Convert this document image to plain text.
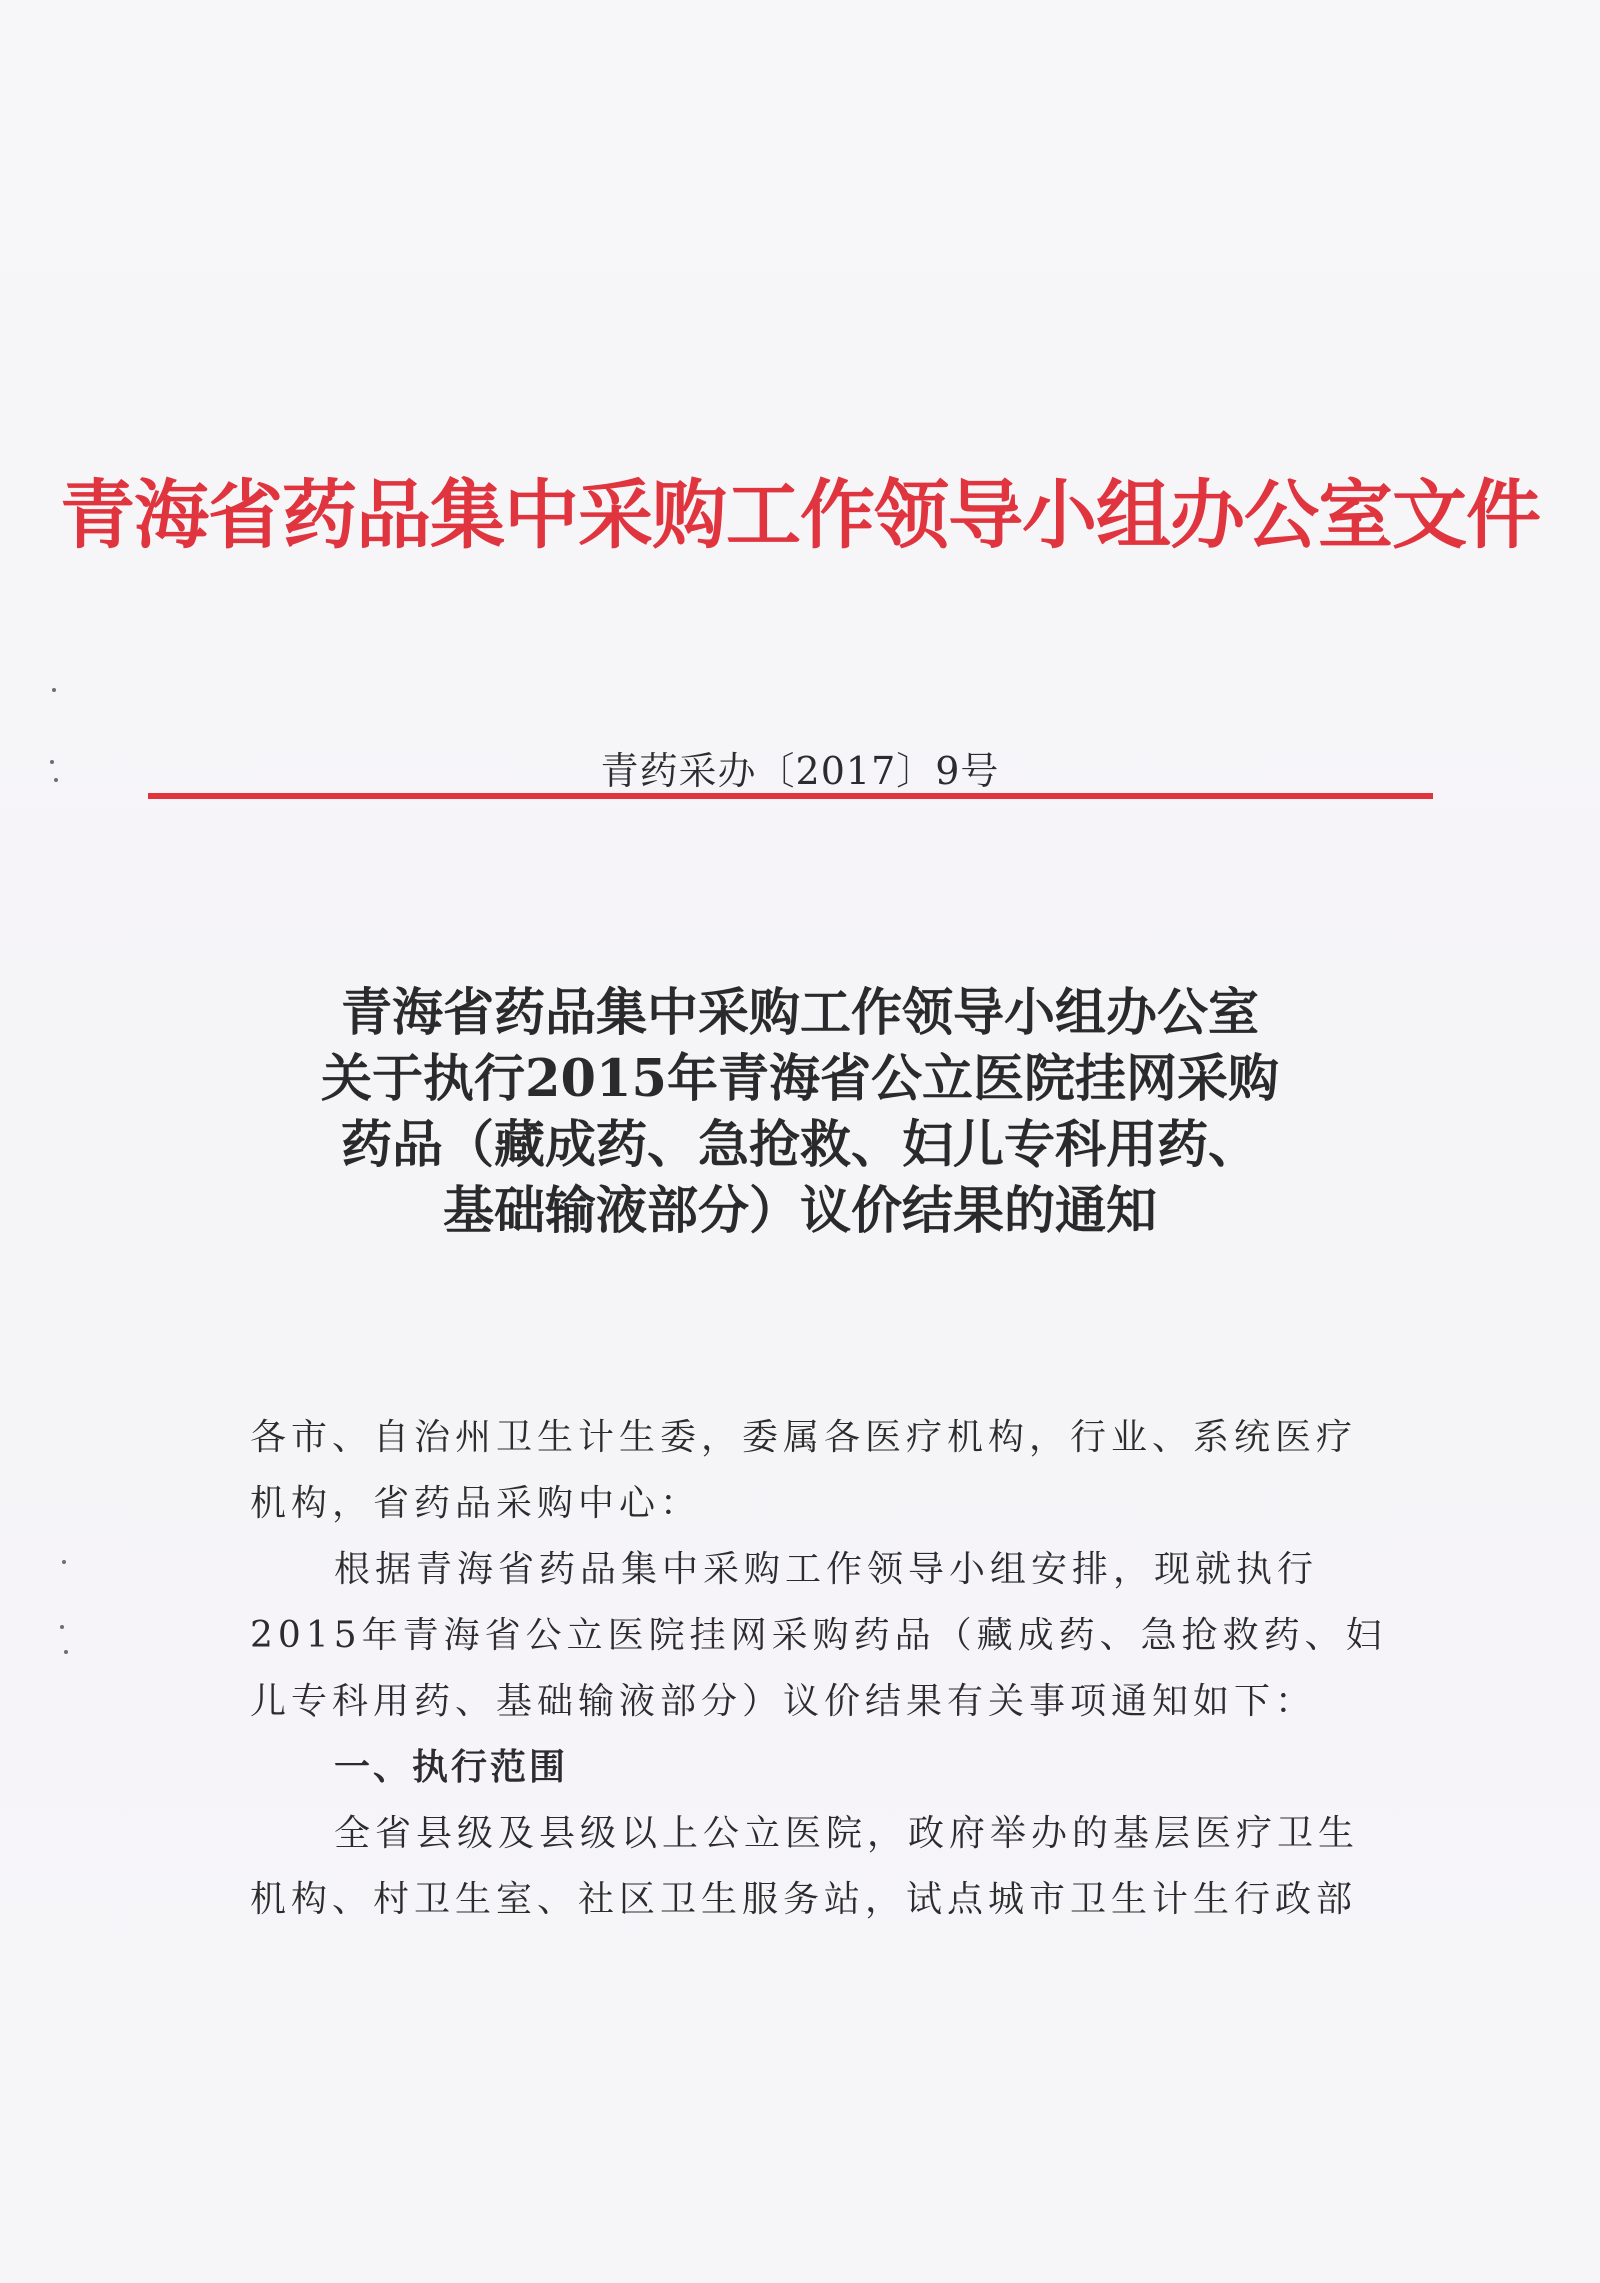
青海省药品集中采购工作领导小组办公室文件
青药采办〔2017〕9号
青海省药品集中采购工作领导小组办公室
关于执行2015年青海省公立医院挂网采购
药品（藏成药、急抢救、妇儿专科用药、
基础输液部分）议价结果的通知
各市、自治州卫生计生委，委属各医疗机构，行业、系统医疗
机构，省药品采购中心：
根据青海省药品集中采购工作领导小组安排，现就执行
2015年青海省公立医院挂网采购药品（藏成药、急抢救药、妇
儿专科用药、基础输液部分）议价结果有关事项通知如下：
一、执行范围
全省县级及县级以上公立医院，政府举办的基层医疗卫生
机构、村卫生室、社区卫生服务站，试点城市卫生计生行政部
